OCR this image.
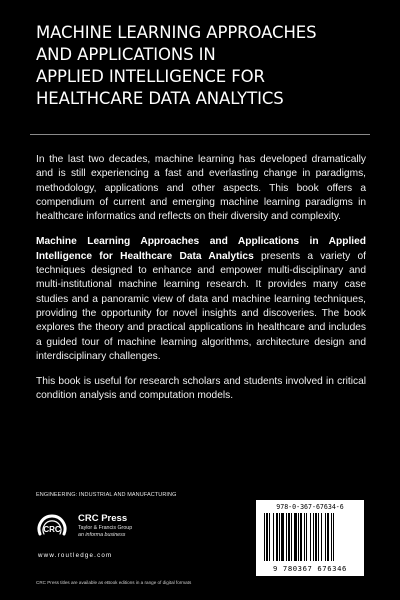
MACHINE LEARNING APPROACHES
AND APPLICATIONS IN
APPLIED INTELLIGENCE FOR
HEALTHCARE DATA ANALYTICS

In the last two decades, machine learning has developed dramatically and is still experiencing a fast and everlasting change in paradigms, methodology, applications and other aspects. This book offers a compendium of current and emerging machine learning paradigms in healthcare informatics and reflects on their diversity and complexity.

Machine Learning Approaches and Applications in Applied Intelligence for Healthcare Data Analytics presents a variety of techniques designed to enhance and empower multi-disciplinary and multi-institutional machine learning research. It provides many case studies and a panoramic view of data and machine learning techniques, providing the opportunity for novel insights and discoveries. The book explores the theory and practical applications in healthcare and includes a guided tour of machine learning algorithms, architecture design and interdisciplinary challenges.

This book is useful for research scholars and students involved in critical condition analysis and computation models.

ENGINEERING: INDUSTRIAL AND MANUFACTURING
CRC
CRC Press
Taylor & Francis Group
an informa business
www.routledge.com
CRC Press titles are available as eBook editions in a range of digital formats
978-0-367-67634-6
9 780367 676346
